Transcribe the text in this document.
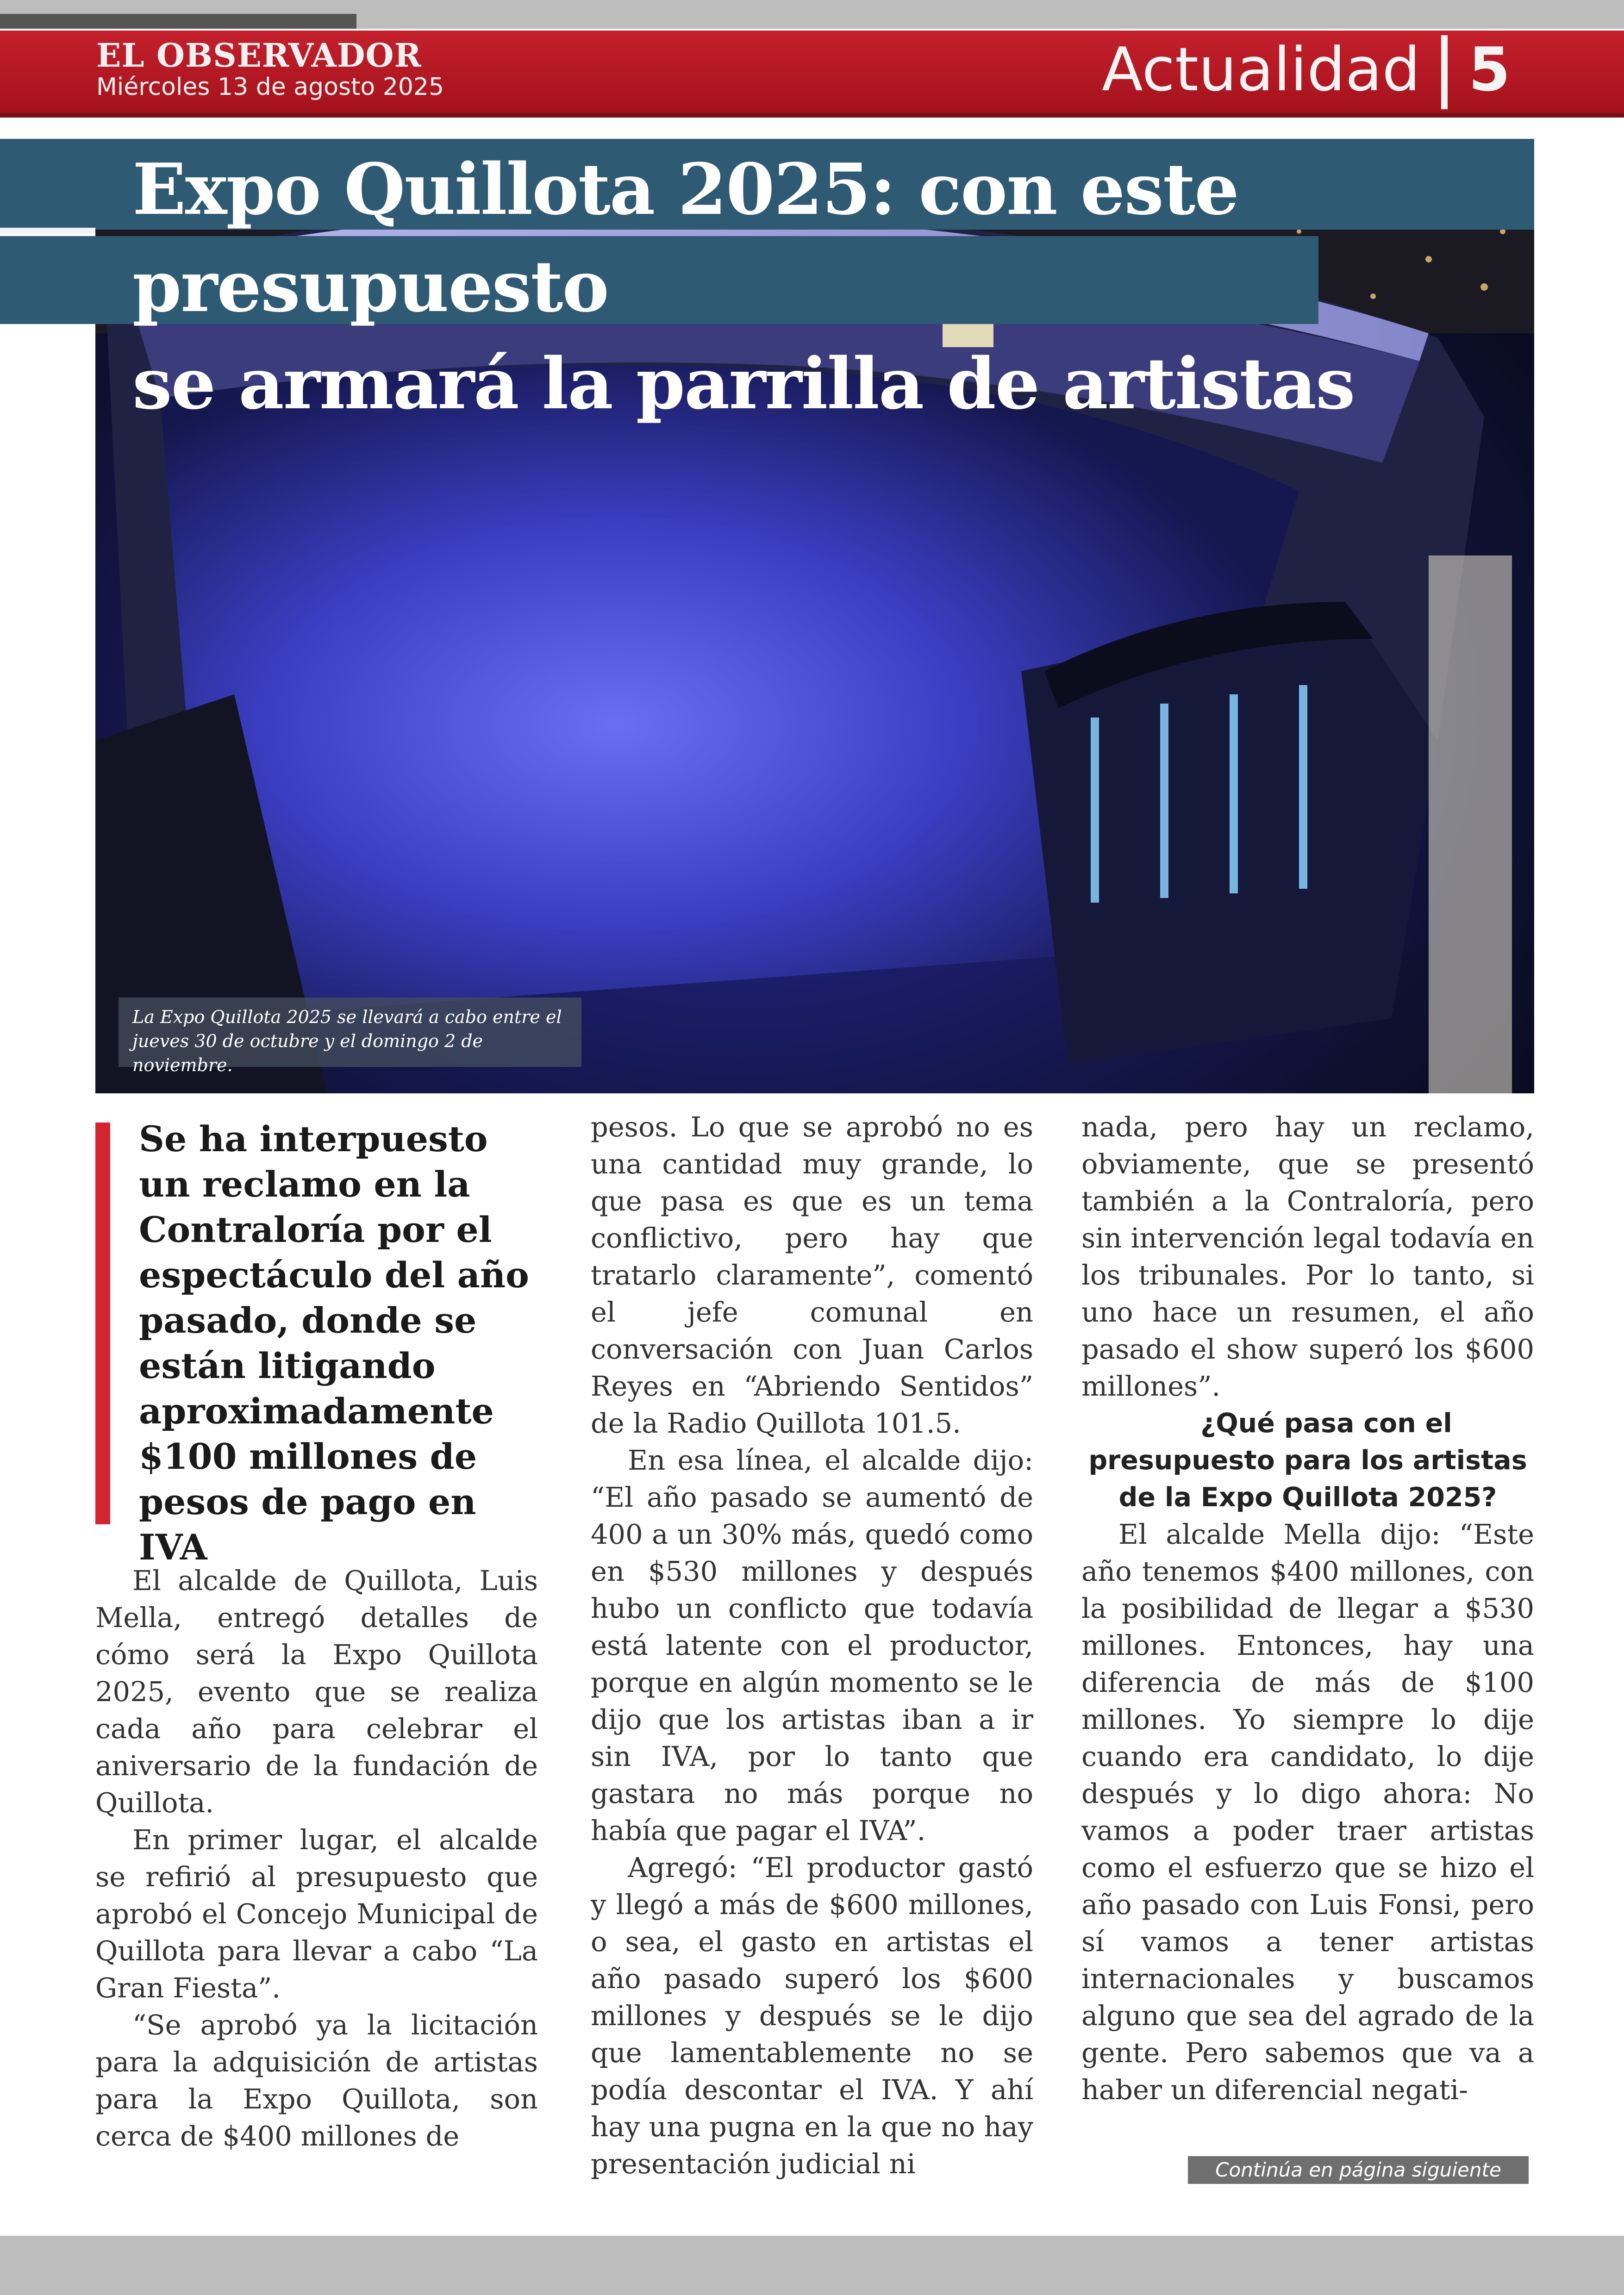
EL OBSERVADOR
Miércoles 13 de agosto 2025	Actualidad 5
La Expo Quillota 2025 se llevará a cabo entre el jueves 30 de octubre y el domingo 2 de noviembre.
Expo Quillota 2025: con este presupuesto
se armará la parrilla de artistas

Se ha interpuesto un reclamo en la Contraloría por el espectáculo del año pasado, donde se están litigando aproximadamente $100 millones de pesos de pago en IVA

El alcalde de Quillota, Luis Mella, entregó detalles de cómo será la Expo Quillota 2025, evento que se realiza cada año para celebrar el aniversario de la fundación de Quillota.

En primer lugar, el alcalde se refirió al presupuesto que aprobó el Concejo Municipal de Quillota para llevar a cabo “La Gran Fiesta”.

“Se aprobó ya la licitación para la adquisición de artistas para la Expo Quillota, son cerca de $400 millones de

pesos. Lo que se aprobó no es una cantidad muy grande, lo que pasa es que es un tema conflictivo, pero hay que tratarlo claramente”, comentó el jefe comunal en conversación con Juan Carlos Reyes en “Abriendo Sentidos” de la Radio Quillota 101.5.

En esa línea, el alcalde dijo: “El año pasado se aumentó de 400 a un 30% más, quedó como en $530 millones y después hubo un conflicto que todavía está latente con el productor, porque en algún momento se le dijo que los artistas iban a ir sin IVA, por lo tanto que gastara no más porque no había que pagar el IVA”.

Agregó: “El productor gastó y llegó a más de $600 millones, o sea, el gasto en artistas el año pasado superó los $600 millones y después se le dijo que lamentablemente no se podía descontar el IVA. Y ahí hay una pugna en la que no hay presentación judicial ni

nada, pero hay un reclamo, obviamente, que se presentó también a la Contraloría, pero sin intervención legal todavía en los tribunales. Por lo tanto, si uno hace un resumen, el año pasado el show superó los $600 millones”.

¿Qué pasa con el presupuesto para los artistas de la Expo Quillota 2025?

El alcalde Mella dijo: “Este año tenemos $400 millones, con la posibilidad de llegar a $530 millones. Entonces, hay una diferencia de más de $100 millones. Yo siempre lo dije cuando era candidato, lo dije después y lo digo ahora: No vamos a poder traer artistas como el esfuerzo que se hizo el año pasado con Luis Fonsi, pero sí vamos a tener artistas internacionales y buscamos alguno que sea del agrado de la gente. Pero sabemos que va a haber un diferencial negati-

Continúa en página siguiente
